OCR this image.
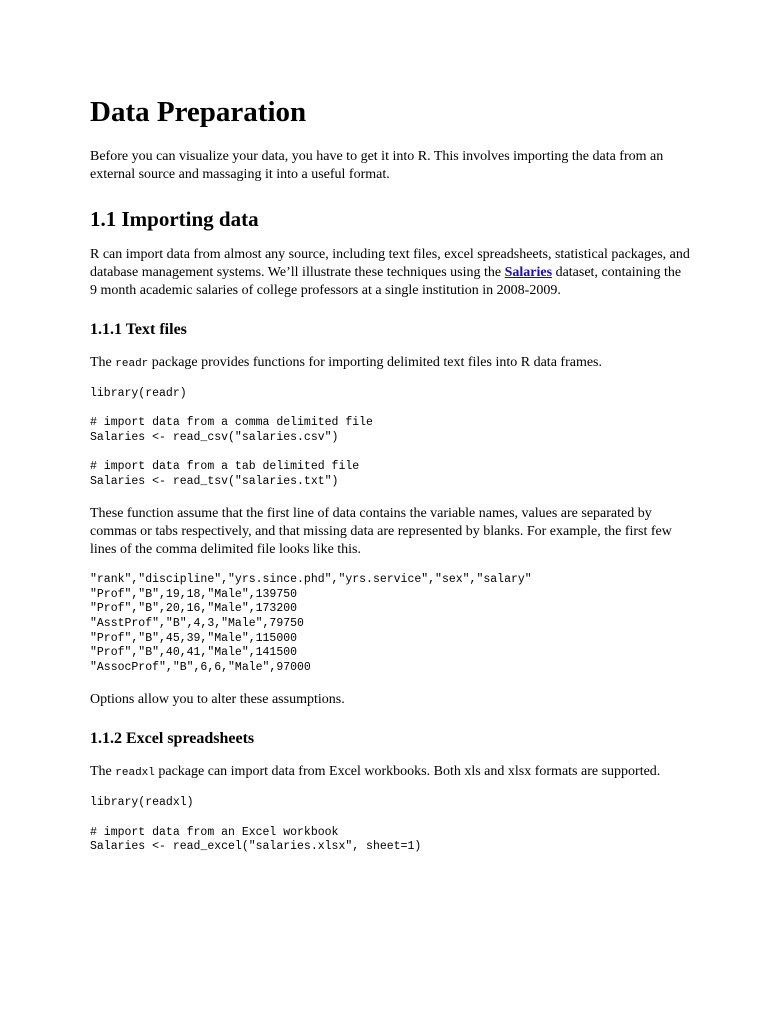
Data Preparation

Before you can visualize your data, you have to get it into R. This involves importing the data from an external source and massaging it into a useful format.

1.1 Importing data

R can import data from almost any source, including text files, excel spreadsheets, statistical packages, and database management systems. We’ll illustrate these techniques using the Salaries dataset, containing the 9 month academic salaries of college professors at a single institution in 2008-2009.

1.1.1 Text files

The readr package provides functions for importing delimited text files into R data frames.

library(readr)

# import data from a comma delimited file
Salaries <- read_csv("salaries.csv")

# import data from a tab delimited file
Salaries <- read_tsv("salaries.txt")

These function assume that the first line of data contains the variable names, values are separated by commas or tabs respectively, and that missing data are represented by blanks. For example, the first few lines of the comma delimited file looks like this.

"rank","discipline","yrs.since.phd","yrs.service","sex","salary"
"Prof","B",19,18,"Male",139750
"Prof","B",20,16,"Male",173200
"AsstProf","B",4,3,"Male",79750
"Prof","B",45,39,"Male",115000
"Prof","B",40,41,"Male",141500
"AssocProf","B",6,6,"Male",97000

Options allow you to alter these assumptions.

1.1.2 Excel spreadsheets

The readxl package can import data from Excel workbooks. Both xls and xlsx formats are supported.

library(readxl)

# import data from an Excel workbook
Salaries <- read_excel("salaries.xlsx", sheet=1)
